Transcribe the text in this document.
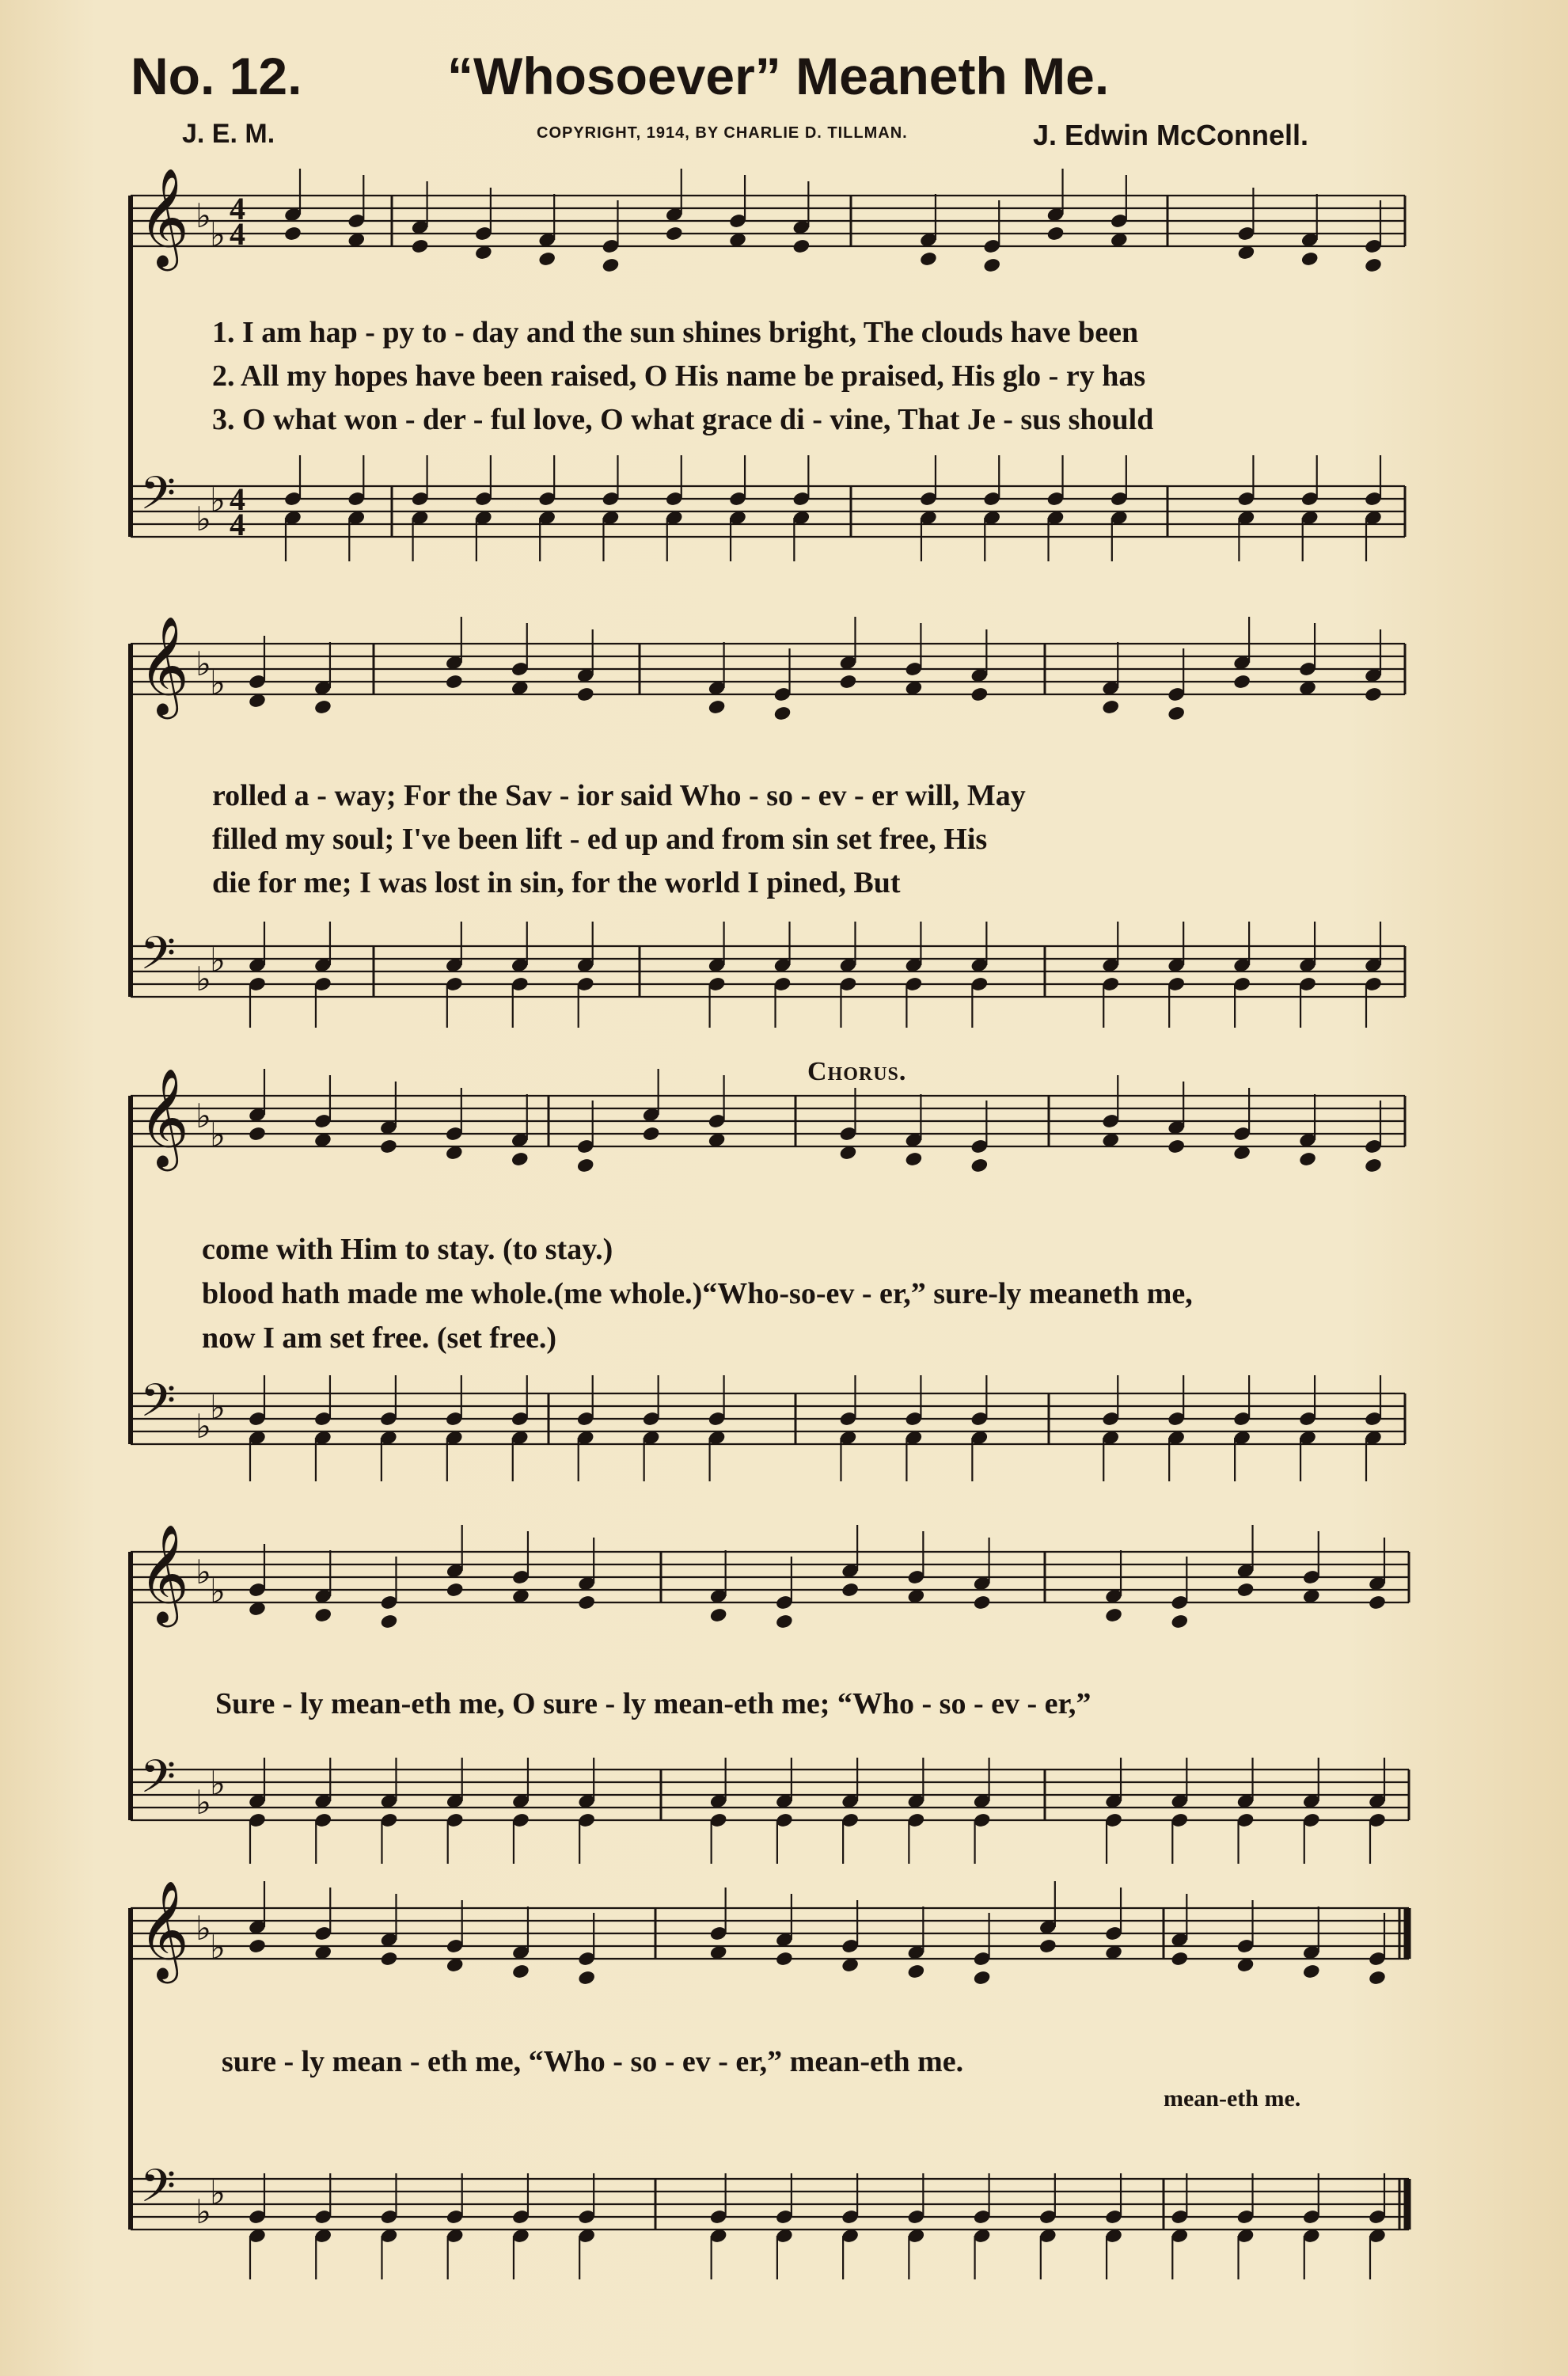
No. 12.	“Whosoever” Meaneth Me.
J. E. M.	COPYRIGHT, 1914, BY CHARLIE D. TILLMAN.	J. Edwin McConnell.
Chorus.
𝄞
𝄢
♭
♭
♭
♭
4
4
4
4
𝄞
𝄢
♭
♭
♭
♭
𝄞
𝄢
♭
♭
♭
♭
𝄞
𝄢
♭
♭
♭
♭
𝄞
𝄢
♭
♭
♭
♭
1. I am hap - py to - day and the sun shines bright, The clouds have been
2. All my hopes have been raised, O His name be praised, His glo - ry has
3. O what won - der - ful love, O what grace di - vine, That Je - sus should
rolled a - way; For the Sav - ior said Who - so - ev - er will, May
filled my soul; I've been lift - ed up and from sin set free, His
die for me; I was lost in sin, for the world I pined, But
come with Him to stay. (to stay.)
blood hath made me whole.(me whole.)“Who-so-ev - er,” sure-ly meaneth me,
now I am set free. (set free.)
Sure - ly mean-eth me, O sure - ly mean-eth me; “Who - so - ev - er,”
sure - ly mean - eth me, “Who - so - ev - er,” mean-eth me.
mean-eth me.
